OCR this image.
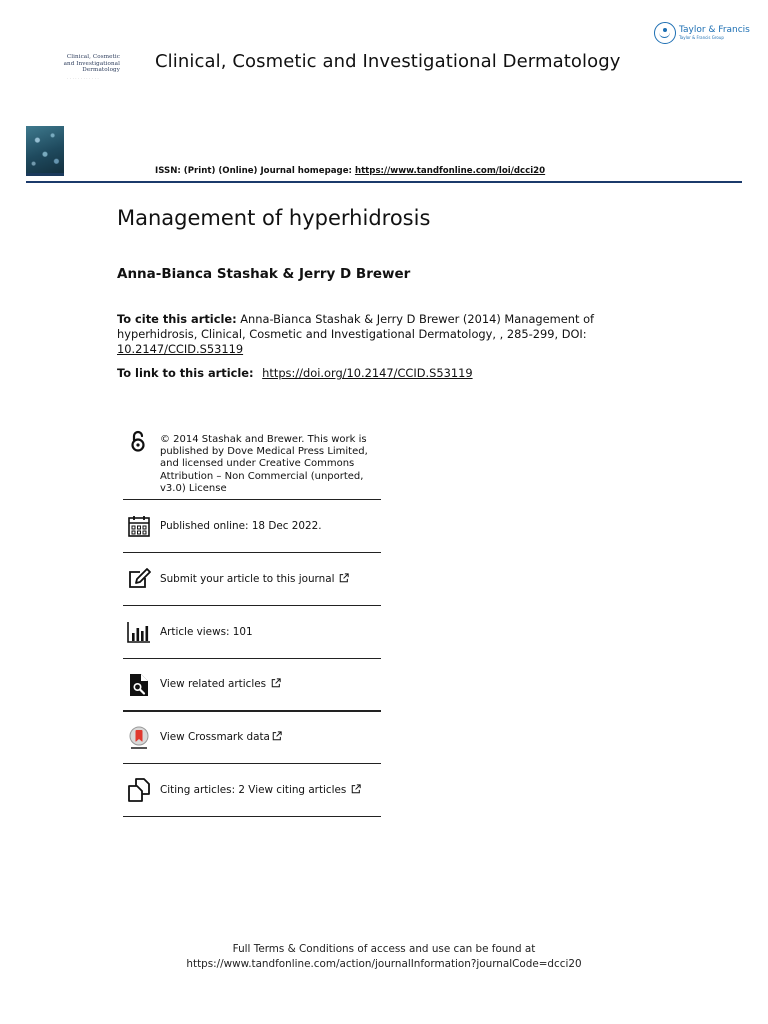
Taylor & Francis
Taylor & Francis Group
Clinical, Cosmetic
and Investigational
Dermatology
· · · · · · · · · · · ·
Clinical, Cosmetic and Investigational Dermatology
ISSN: (Print) (Online) Journal homepage: https://www.tandfonline.com/loi/dcci20
Management of hyperhidrosis
Anna-Bianca Stashak & Jerry D Brewer
To cite this article: Anna-Bianca Stashak & Jerry D Brewer (2014) Management of hyperhidrosis, Clinical, Cosmetic and Investigational Dermatology, , 285-299, DOI: 10.2147/CCID.S53119
To link to this article: https://doi.org/10.2147/CCID.S53119
© 2014 Stashak and Brewer. This work is published by Dove Medical Press Limited, and licensed under Creative Commons Attribution – Non Commercial (unported, v3.0) License
Published online: 18 Dec 2022.
Submit your article to this journal
Article views: 101
View related articles
View Crossmark data
Citing articles: 2 View citing articles
Full Terms & Conditions of access and use can be found at
https://www.tandfonline.com/action/journalInformation?journalCode=dcci20
